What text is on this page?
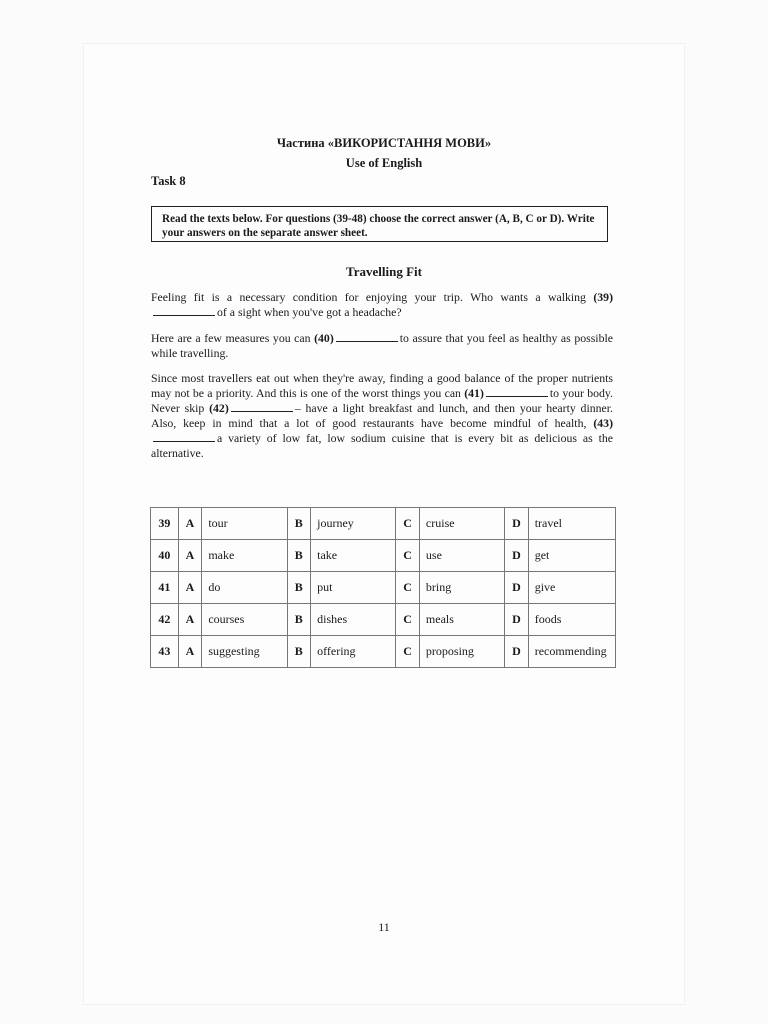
Частина «ВИКОРИСТАННЯ МОВИ»
Use of English
Task 8
Read the texts below. For questions (39-48) choose the correct answer (A, B, C or D). Write your answers on the separate answer sheet.
Travelling Fit
Feeling fit is a necessary condition for enjoying your trip. Who wants a walking (39)of a sight when you've got a headache?
Here are a few measures you can (40)	to assure that you feel as healthy as possible while travelling.
Since most travellers eat out when they're away, finding a good balance of the proper nutrients may not be a priority. And this is one of the worst things you can (41)	to your body. Never skip (42)	– have a light breakfast and lunch, and then your hearty dinner. Also, keep in mind that a lot of good restaurants have become mindful of health, (43)a variety of low fat, low sodium cuisine that is every bit as delicious as the alternative.
39	A	tour	B	journey	C	cruise	D	travel
40	A	make	B	take	C	use	D	get
41	A	do	B	put	C	bring	D	give
42	A	courses	B	dishes	C	meals	D	foods
43	A	suggesting	B	offering	C	proposing	D	recommending
11
